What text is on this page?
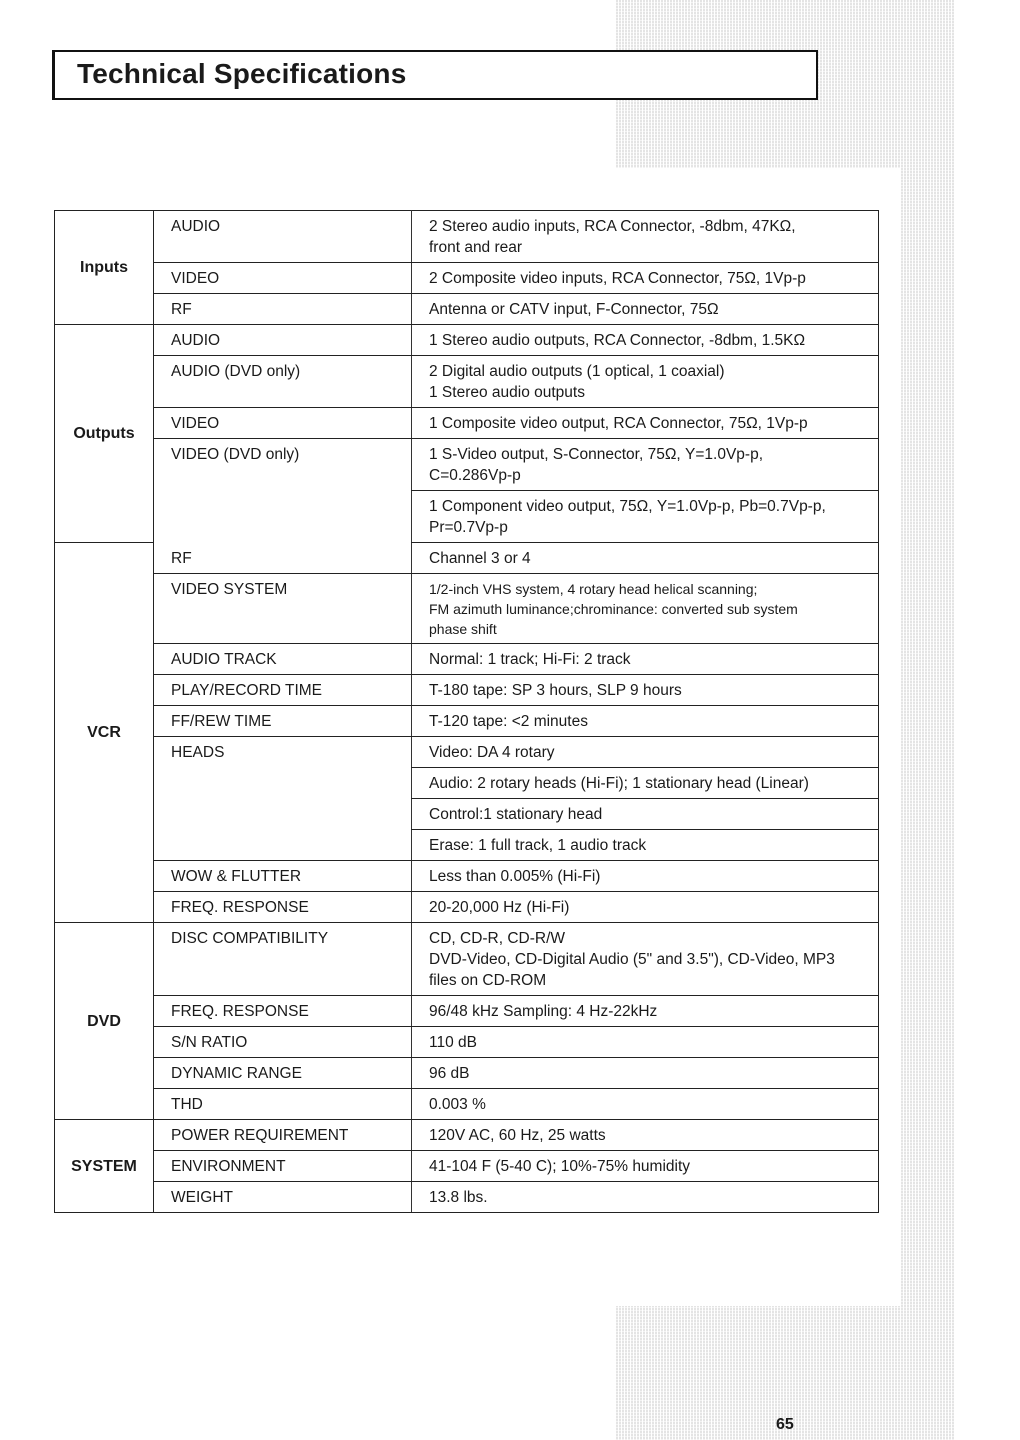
Technical Specifications
Inputs	AUDIO	2 Stereo audio inputs, RCA Connector, -8dbm, 47KΩ,
front and rear

	VIDEO	2 Composite video inputs, RCA Connector, 75Ω, 1Vp-p

	RF	Antenna or CATV input, F-Connector, 75Ω

Outputs	AUDIO	1 Stereo audio outputs, RCA Connector, -8dbm, 1.5KΩ

	AUDIO (DVD only)	2 Digital audio outputs (1 optical, 1 coaxial)
1 Stereo audio outputs

	VIDEO	1 Composite video output, RCA Connector, 75Ω, 1Vp-p

	VIDEO (DVD only)	1 S-Video output, S-Connector, 75Ω, Y=1.0Vp-p,
C=0.286Vp-p

		1 Component video output, 75Ω, Y=1.0Vp-p, Pb=0.7Vp-p,
Pr=0.7Vp-p

VCR	RF	Channel 3 or 4

	VIDEO SYSTEM	1/2-inch VHS system, 4 rotary head helical scanning;
FM azimuth luminance;chrominance: converted sub system
phase shift

	AUDIO TRACK	Normal: 1 track; Hi-Fi: 2 track

	PLAY/RECORD TIME	T-180 tape: SP 3 hours, SLP 9 hours

	FF/REW TIME	T-120 tape: <2 minutes

	HEADS	Video: DA 4 rotary

		Audio: 2 rotary heads (Hi-Fi); 1 stationary head (Linear)

		Control:1 stationary head

		Erase: 1 full track, 1 audio track

	WOW & FLUTTER	Less than 0.005% (Hi-Fi)

	FREQ. RESPONSE	20-20,000 Hz (Hi-Fi)

DVD	DISC COMPATIBILITY	CD, CD-R, CD-R/W
DVD-Video, CD-Digital Audio (5" and 3.5"), CD-Video, MP3
files on CD-ROM

	FREQ. RESPONSE	96/48 kHz Sampling: 4 Hz-22kHz

	S/N RATIO	110 dB

	DYNAMIC RANGE	96 dB

	THD	0.003 %

SYSTEM	POWER REQUIREMENT	120V AC, 60 Hz, 25 watts

	ENVIRONMENT	41-104 F (5-40 C); 10%-75% humidity

	WEIGHT	13.8 lbs.
65
